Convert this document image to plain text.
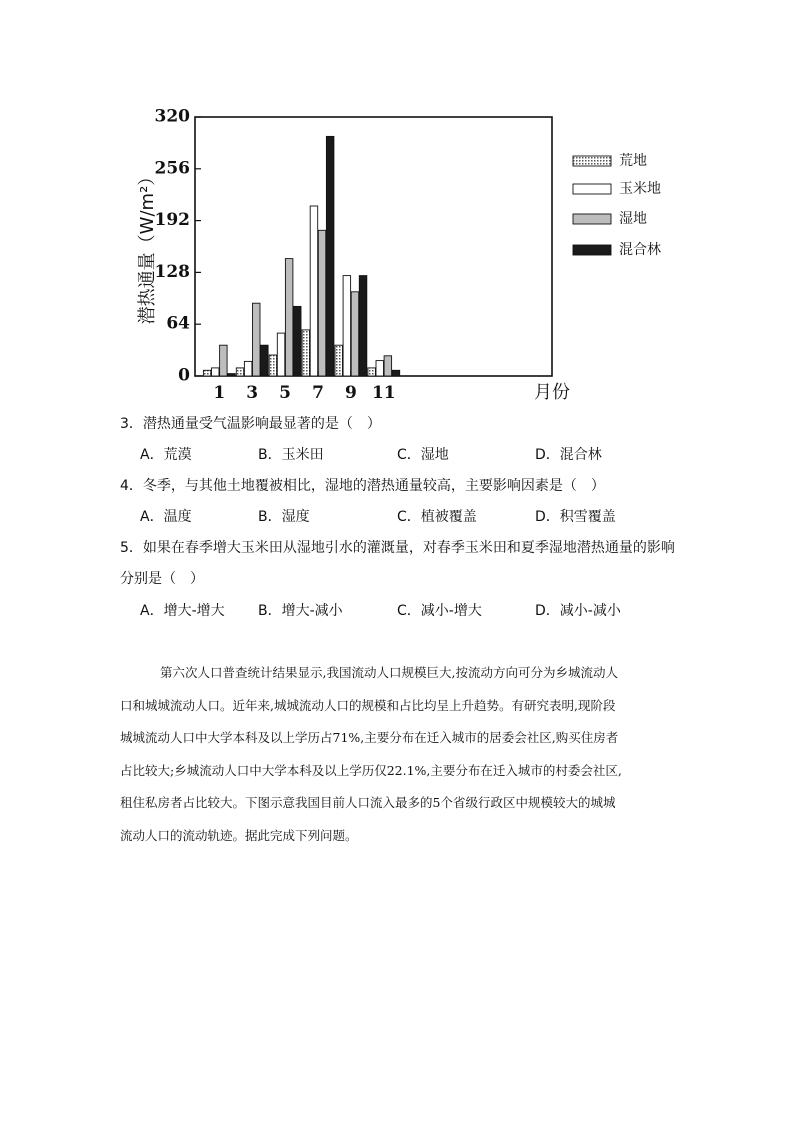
0
64
128
192
256
320
1 3 5 7 9 11
潜热通量（W/m²）
月份
荒地
玉米地
湿地
混合林
3．潜热通量受气温影响最显著的是（　）
A．荒漠	B．玉米田	C．湿地	D．混合林
4．冬季，与其他土地覆被相比，湿地的潜热通量较高，主要影响因素是（　）
A．温度	B．湿度	C．植被覆盖	D．积雪覆盖
5．如果在春季增大玉米田从湿地引水的灌溉量，对春季玉米田和夏季湿地潜热通量的影响
分别是（　）
A．增大-增大 B．增大-减小	C．减小-增大	D．减小-减小
第六次人口普查统计结果显示,我国流动人口规模巨大,按流动方向可分为乡城流动人
口和城城流动人口。近年来,城城流动人口的规模和占比均呈上升趋势。有研究表明,现阶段
城城流动人口中大学本科及以上学历占71%,主要分布在迁入城市的居委会社区,购买住房者
占比较大;乡城流动人口中大学本科及以上学历仅22.1%,主要分布在迁入城市的村委会社区,
租住私房者占比较大。下图示意我国目前人口流入最多的5个省级行政区中规模较大的城城
流动人口的流动轨迹。据此完成下列问题。
